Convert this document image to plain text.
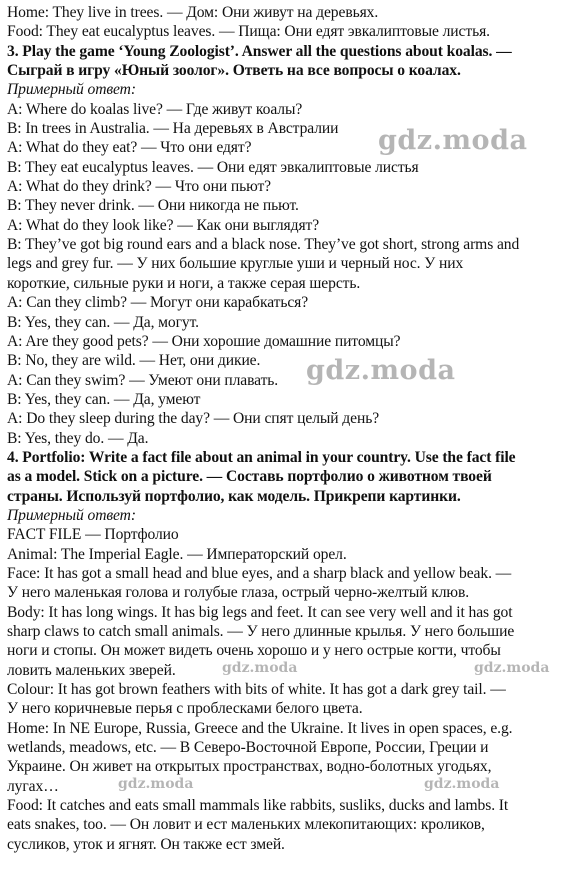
Home: They live in trees. — Дом: Они живут на деревьях.
Food: They eat eucalyptus leaves. — Пища: Они едят эвкалиптовые листья.
3. Play the game ‘Young Zoologist’. Answer all the questions about koalas. —
Сыграй в игру «Юный зоолог». Ответь на все вопросы о коалах.
Примерный ответ:
A: Where do koalas live? — Где живут коалы?
B: In trees in Australia. — На деревьях в Австралии
A: What do they eat? — Что они едят?
B: They eat eucalyptus leaves. — Они едят эвкалиптовые листья
A: What do they drink? — Что они пьют?
B: They never drink. — Они никогда не пьют.
A: What do they look like? — Как они выглядят?
B: They’ve got big round ears and a black nose. They’ve got short, strong arms and
legs and grey fur. — У них большие круглые уши и черный нос. У них
короткие, сильные руки и ноги, а также серая шерсть.
A: Can they climb? — Могут они карабкаться?
B: Yes, they can. — Да, могут.
A: Are they good pets? — Они хорошие домашние питомцы?
B: No, they are wild. — Нет, они дикие.
A: Can they swim? — Умеют они плавать.
B: Yes, they can. — Да, умеют
A: Do they sleep during the day? — Они спят целый день?
B: Yes, they do. — Да.
4. Portfolio: Write a fact file about an animal in your country. Use the fact file
as a model. Stick on a picture. — Составь портфолио о животном твоей
страны. Используй портфолио, как модель. Прикрепи картинки.
Примерный ответ:
FACT FILE — Портфолио
Animal: The Imperial Eagle. — Императорский орел.
Face: It has got a small head and blue eyes, and a sharp black and yellow beak. —
У него маленькая голова и голубые глаза, острый черно-желтый клюв.
Body: It has long wings. It has big legs and feet. It can see very well and it has got
sharp claws to catch small animals. — У него длинные крылья. У него большие
ноги и стопы. Он может видеть очень хорошо и у него острые когти, чтобы
ловить маленьких зверей.
Colour: It has got brown feathers with bits of white. It has got a dark grey tail. —
У него коричневые перья с проблесками белого цвета.
Home: In NE Europe, Russia, Greece and the Ukraine. It lives in open spaces, e.g.
wetlands, meadows, etc. — В Северо-Восточной Европе, России, Греции и
Украине. Он живет на открытых пространствах, водно-болотных угодьях,
лугах…
Food: It catches and eats small mammals like rabbits, susliks, ducks and lambs. It
eats snakes, too. — Он ловит и ест маленьких млекопитающих: кроликов,
сусликов, уток и ягнят. Он также ест змей.
gdz.moda
gdz.moda
gdz.moda	gdz.moda
gdz.moda	gdz.moda
